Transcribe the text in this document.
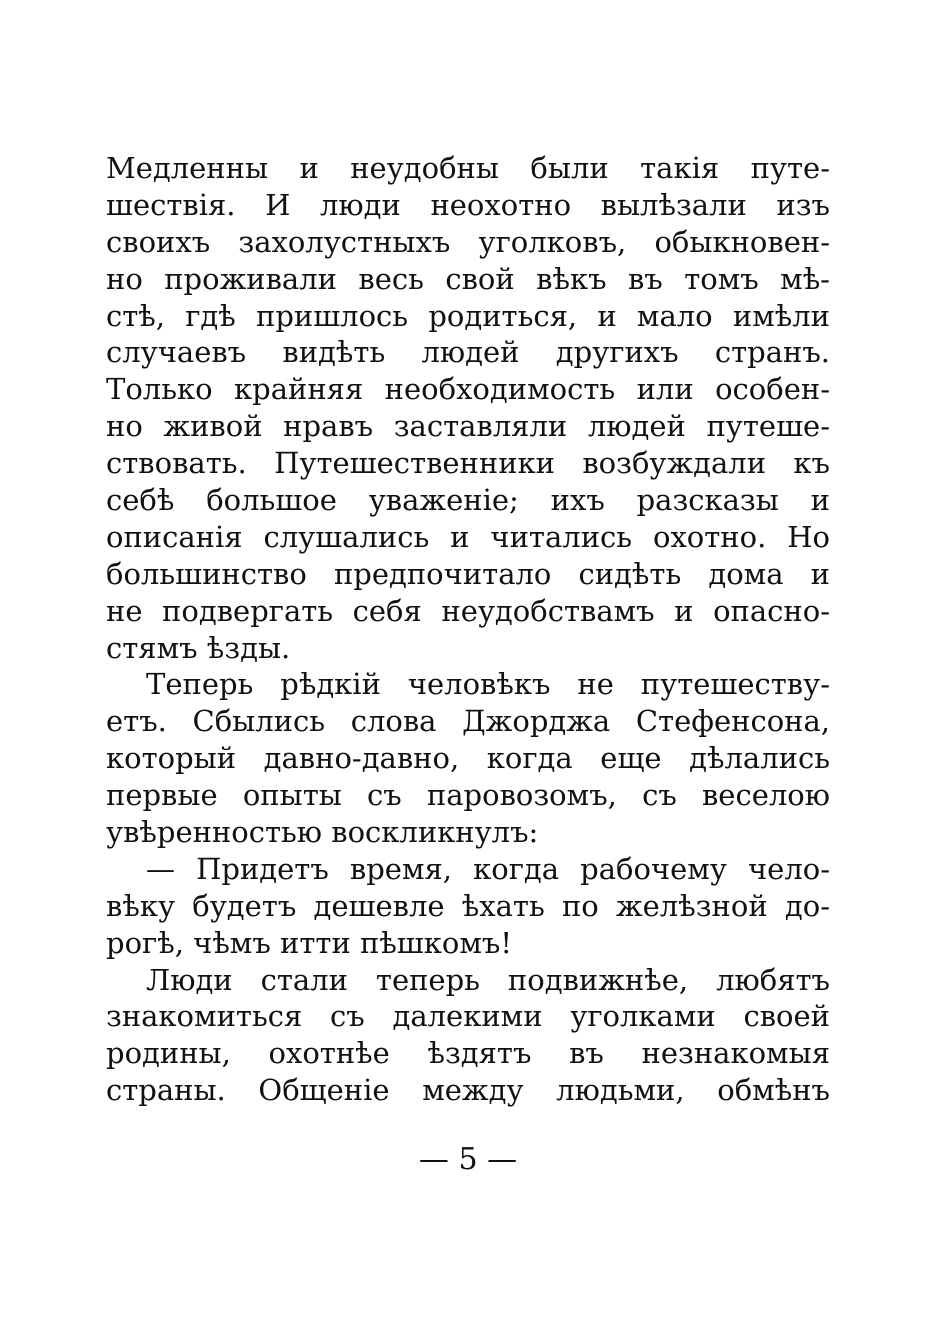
Медленны и неудобны были такія путе-
шествія. И люди неохотно вылѣзали изъ
своихъ захолустныхъ уголковъ, обыкновен-
но проживали весь свой вѣкъ въ томъ мѣ-
стѣ, гдѣ пришлось родиться, и мало имѣли
случаевъ видѣть людей другихъ странъ.
Только крайняя необходимость или особен-
но живой нравъ заставляли людей путеше-
ствовать. Путешественники возбуждали къ
себѣ большое уваженіе; ихъ разсказы и
описанія слушались и читались охотно. Но
большинство предпочитало сидѣть дома и
не подвергать себя неудобствамъ и опасно-
стямъ ѣзды.
Теперь рѣдкій человѣкъ не путешеству-
етъ. Сбылись слова Джорджа Стефенсона,
который давно-давно, когда еще дѣлались
первые опыты съ паровозомъ, съ веселою
увѣренностью воскликнулъ:
— Придетъ время, когда рабочему чело-
вѣку будетъ дешевле ѣхать по желѣзной до-
рогѣ, чѣмъ итти пѣшкомъ!
Люди стали теперь подвижнѣе, любятъ
знакомиться съ далекими уголками своей
родины, охотнѣе ѣздятъ въ незнакомыя
страны. Общеніе между людьми, обмѣнъ
— 5 —
